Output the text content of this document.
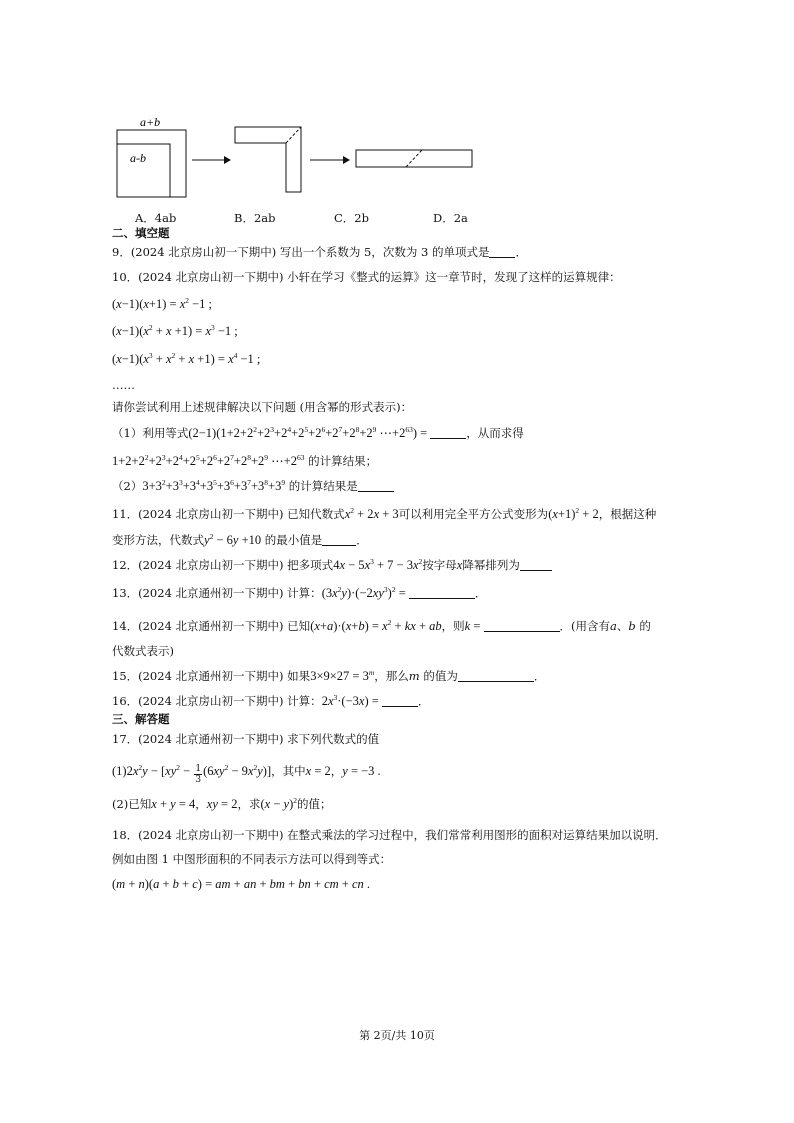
a+b
a-b
A．4ab	B．2ab	C．2b	D．2a
二、填空题
9．(2024 北京房山初一下期中) 写出一个系数为 5，次数为 3 的单项式是 ．
10．(2024 北京房山初一下期中) 小轩在学习《整式的运算》这一章节时，发现了这样的运算规律：
$(x-1)(x+1) = x^2 -1$ ;
$(x-1)(x^2 + x +1) = x^3 -1$ ;
$(x-1)(x^3 + x^2 + x +1) = x^4 -1$ ;
……
请你尝试利用上述规律解决以下问题 (用含幂的形式表示)：
（1）利用等式$(2-1)(1+2+2^2+2^3+2^4+2^5+2^6+2^7+2^8+2^9$ $\cdots+2^{63}$) =	，从而求得
$1+2+2^2+2^3+2^4+2^5+2^6+2^7+2^8+2^9$ $\cdots+2^{63}$ 的计算结果；
$(2)3+3^2+3^3+3^4+3^5+3^6+3^7+3^8+3^9$ 的计算结果是
11．(2024 北京房山初一下期中) 已知代数式$x^2 + 2x + 3$可以利用完全平方公式变形为$(x+1)^2 + 2$，根据这种
变形方法，代数式$y^2 - 6y +10$ 的最小值是	．
12．(2024 北京房山初一下期中) 把多项式$4x - 5x^3 + 7 - 3x^2$按字母x降幂排列为
13．(2024 北京通州初一下期中) 计算：$(3x^2y)\cdot(-2xy^3)^2$ =	．
14．(2024 北京通州初一下期中) 已知$(x+a)\cdot(x+b) = x^2$ + kx + ab，则k =	．(用含有a、b 的
代数式表示)
15．(2024 北京通州初一下期中) 如果$3\times 9\times 27 = 3^m$，那么m 的值为	．
16．(2024 北京房山初一下期中) 计算：$2x^3\cdot(-3x)$ =	．
三、解答题
17．(2024 北京通州初一下期中) 求下列代数式的值
$(1)2x^2y - [xy^2 - \frac{1}{3} (6xy^2 - 9x^2y)]$，其中x = 2，y = −3 .
(2)已知x + y = 4，xy = 2，求$(x - y)^2$的值；
18．(2024 北京房山初一下期中) 在整式乘法的学习过程中，我们常常利用图形的面积对运算结果加以说明．
例如由图 1 中图形面积的不同表示方法可以得到等式：
(m + n)(a + b + c) = am + an + bm + bn + cm + cn .
第 2页/共 10页
